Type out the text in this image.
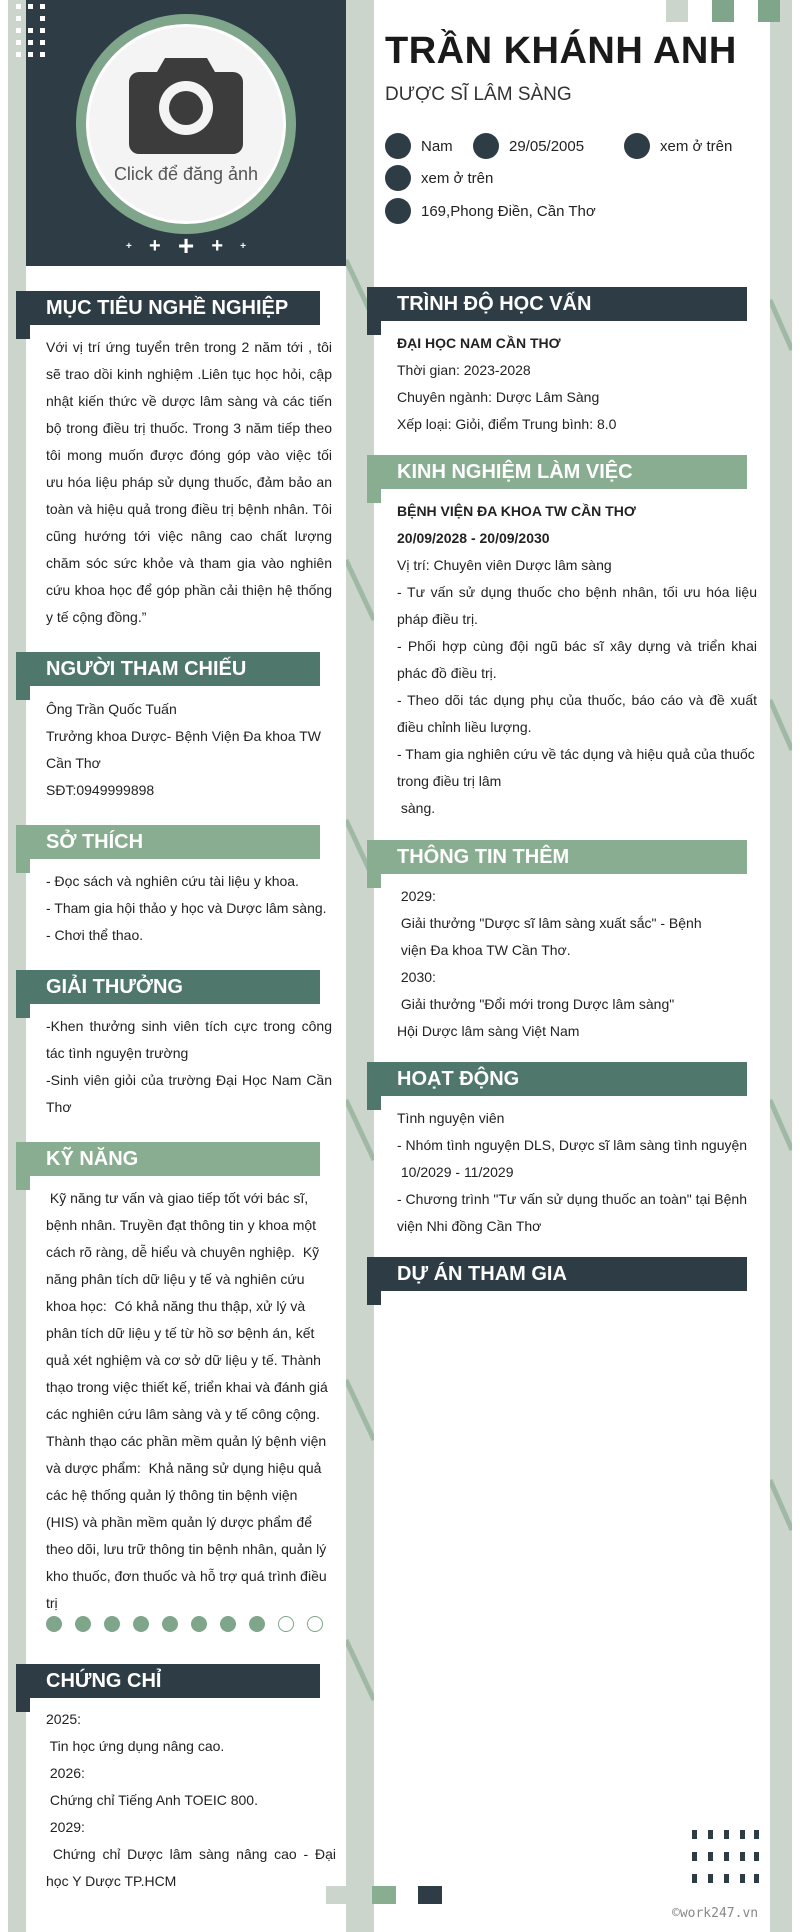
Click để đăng ảnh
+ + + + +
TRẦN KHÁNH ANH
DƯỢC SĨ LÂM SÀNG
Nam	29/05/2005	xem ở trên
xem ở trên
169,Phong Điền, Cần Thơ
MỤC TIÊU NGHỀ NGHIỆP
Với vị trí ứng tuyển trên trong 2 năm tới , tôi sẽ trao dồi kinh nghiệm .Liên tục học hỏi, cập nhật kiến thức về dược lâm sàng và các tiến bộ trong điều trị thuốc. Trong 3 năm tiếp theo tôi mong muốn được đóng góp vào việc tối ưu hóa liệu pháp sử dụng thuốc, đảm bảo an toàn và hiệu quả trong điều trị bệnh nhân. Tôi cũng hướng tới việc nâng cao chất lượng chăm sóc sức khỏe và tham gia vào nghiên cứu khoa học để góp phần cải thiện hệ thống y tế cộng đồng.”
NGƯỜI THAM CHIẾU
Ông Trần Quốc Tuấn
Trưởng khoa Dược- Bệnh Viện Đa khoa TW Cần Thơ
SĐT:0949999898
SỞ THÍCH
- Đọc sách và nghiên cứu tài liệu y khoa.
- Tham gia hội thảo y học và Dược lâm sàng.
- Chơi thể thao.
GIẢI THƯỞNG
-Khen thưởng sinh viên tích cực trong công tác tình nguyện trường
-Sinh viên giỏi của trường Đại Học Nam Cần Thơ
KỸ NĂNG
Kỹ năng tư vấn và giao tiếp tốt với bác sĩ, bệnh nhân. Truyền đạt thông tin y khoa một cách rõ ràng, dễ hiểu và chuyên nghiệp.  Kỹ năng phân tích dữ liệu y tế và nghiên cứu khoa học:  Có khả năng thu thập, xử lý và phân tích dữ liệu y tế từ hồ sơ bệnh án, kết quả xét nghiệm và cơ sở dữ liệu y tế. Thành thạo trong việc thiết kế, triển khai và đánh giá các nghiên cứu lâm sàng và y tế công cộng.  Thành thạo các phần mềm quản lý bệnh viện và dược phẩm:  Khả năng sử dụng hiệu quả các hệ thống quản lý thông tin bệnh viện (HIS) và phần mềm quản lý dược phẩm để theo dõi, lưu trữ thông tin bệnh nhân, quản lý kho thuốc, đơn thuốc và hỗ trợ quá trình điều trị
CHỨNG CHỈ
2025:
Tin học ứng dụng nâng cao.
2026:
Chứng chỉ Tiếng Anh TOEIC 800.
2029:
Chứng chỉ Dược lâm sàng nâng cao - Đại học Y Dược TP.HCM
TRÌNH ĐỘ HỌC VẤN
ĐẠI HỌC NAM CẦN THƠ
Thời gian: 2023-2028
Chuyên ngành: Dược Lâm Sàng
Xếp loại: Giỏi, điểm Trung bình: 8.0
KINH NGHIỆM LÀM VIỆC
BỆNH VIỆN ĐA KHOA TW CẦN THƠ
20/09/2028 - 20/09/2030
Vị trí: Chuyên viên Dược lâm sàng
- Tư vấn sử dụng thuốc cho bệnh nhân, tối ưu hóa liệu pháp điều trị.
- Phối hợp cùng đội ngũ bác sĩ xây dựng và triển khai phác đồ điều trị.
- Theo dõi tác dụng phụ của thuốc, báo cáo và đề xuất điều chỉnh liều lượng.
- Tham gia nghiên cứu về tác dụng và hiệu quả của thuốc trong điều trị lâm
sàng.
THÔNG TIN THÊM
2029:
Giải thưởng "Dược sĩ lâm sàng xuất sắc" - Bệnh
viện Đa khoa TW Cần Thơ.
2030:
Giải thưởng "Đổi mới trong Dược lâm sàng"
Hội Dược lâm sàng Việt Nam
HOẠT ĐỘNG
Tình nguyện viên
- Nhóm tình nguyện DLS, Dược sĩ lâm sàng tình nguyện
10/2029 - 11/2029
- Chương trình "Tư vấn sử dụng thuốc an toàn" tại Bệnh viện Nhi đồng Cần Thơ
DỰ ÁN THAM GIA
©work247.vn
